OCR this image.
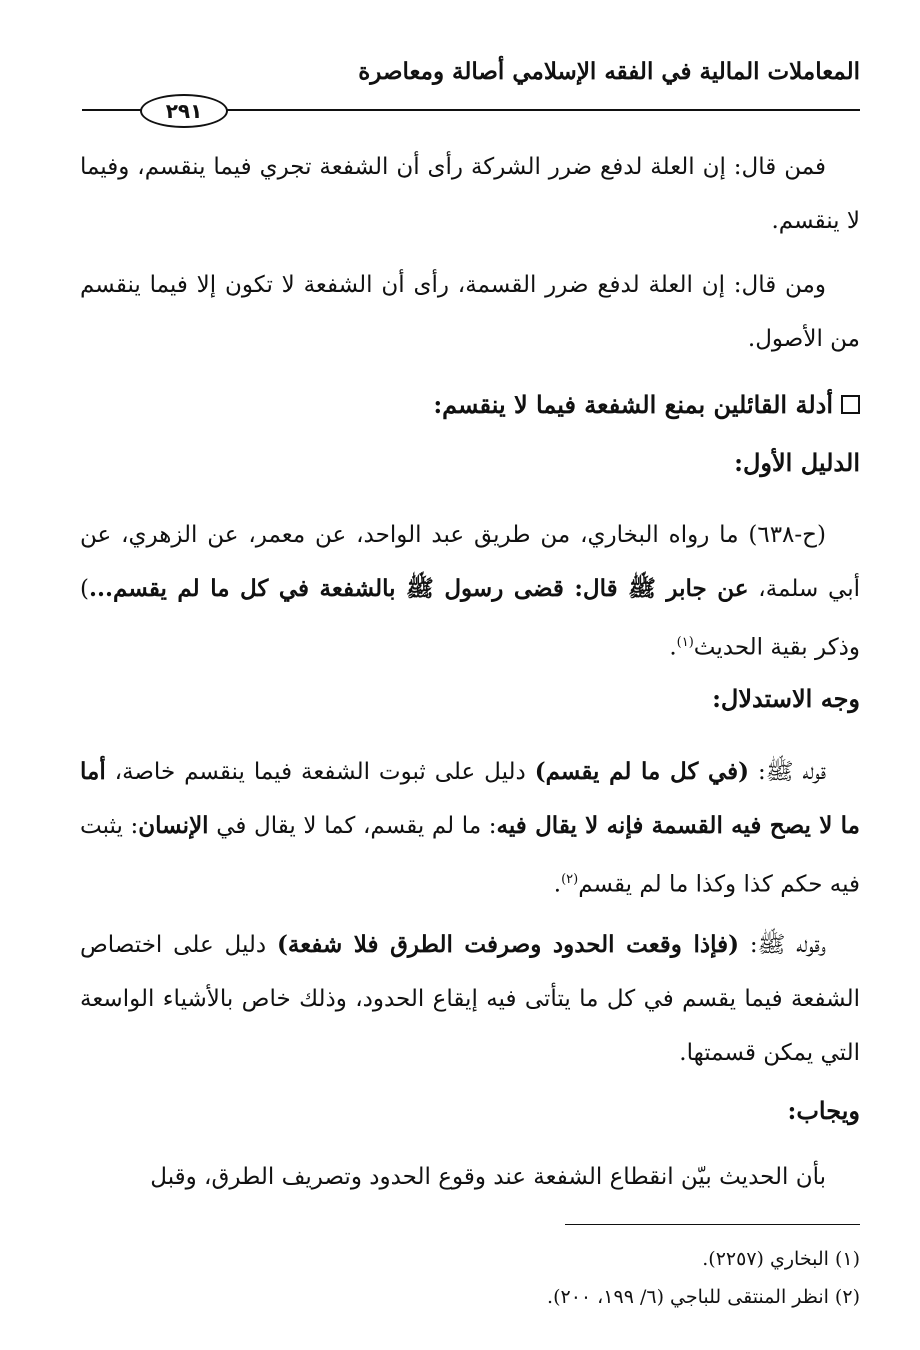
المعاملات المالية في الفقه الإسلامي أصالة ومعاصرة
٢٩١

فمن قال: إن العلة لدفع ضرر الشركة رأى أن الشفعة تجري فيما ينقسم، وفيما لا ينقسم.

ومن قال: إن العلة لدفع ضرر القسمة، رأى أن الشفعة لا تكون إلا فيما ينقسم من الأصول.

أدلة القائلين بمنع الشفعة فيما لا ينقسم:
الدليل الأول:

(ح-٦٣٨) ما رواه البخاري، من طريق عبد الواحد، عن معمر، عن الزهري، عن أبي سلمة، عن جابر ﷺ قال: قضى رسول ﷺ بالشفعة في كل ما لم يقسم...) وذكر بقية الحديث$^{(١)}$.

وجه الاستدلال:

قوله ﷺ: (في كل ما لم يقسم) دليل على ثبوت الشفعة فيما ينقسم خاصة، أما ما لا يصح فيه القسمة فإنه لا يقال فيه: ما لم يقسم، كما لا يقال في الإنسان: يثبت فيه حكم كذا وكذا ما لم يقسم$^{(٢)}$.

وقوله ﷺ: (فإذا وقعت الحدود وصرفت الطرق فلا شفعة) دليل على اختصاص الشفعة فيما يقسم في كل ما يتأتى فيه إيقاع الحدود، وذلك خاص بالأشياء الواسعة التي يمكن قسمتها.

ويجاب:

بأن الحديث بيّن انقطاع الشفعة عند وقوع الحدود وتصريف الطرق، وقبل

(١) البخاري (٢٢٥٧).

(٢) انظر المنتقى للباجي (٦/ ١٩٩، ٢٠٠).
